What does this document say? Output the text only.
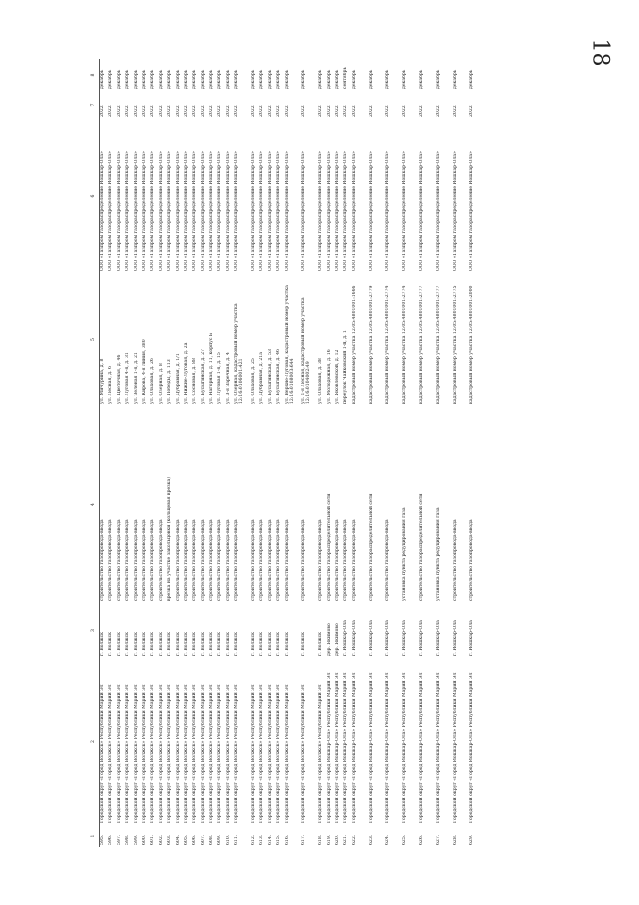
18
1	2	3	4	5	6	7	8
595.	Городской округ «Город Волжск» Республики Марий Эл	г. Волжск	строительство газопровода-ввода	ул. Мичурина, д. 8	ООО «Газпром газораспределение Йошкар-Ола»	2022	декабрь
596.	Городской округ «Город Волжск» Республики Марий Эл	г. Волжск	строительство газопровода-ввода	ул. Лесная, д. 6	ООО «Газпром газораспределение Йошкар-Ола»	2022	декабрь
597.	Городской округ «Город Волжск» Республики Марий Эл	г. Волжск	строительство газопровода-ввода	ул. Цветочная, д. 46	ООО «Газпром газораспределение Йошкар-Ола»	2022	декабрь
598.	Городской округ «Город Волжск» Республики Марий Эл	г. Волжск	строительство газопровода-ввода	ул. Луговая 4-я, д. 31	ООО «Газпром газораспределение Йошкар-Ола»	2022	декабрь
599.	Городской округ «Город Волжск» Республики Марий Эл	г. Волжск	строительство газопровода-ввода	ул. Зеленая 1-я, д. 21	ООО «Газпром газораспределение Йошкар-Ола»	2022	декабрь
600.	Городской округ «Город Волжск» Республики Марий Эл	г. Волжск	строительство газопровода-ввода	ул. Кирова, 4-я линия, 380	ООО «Газпром газораспределение Йошкар-Ола»	2022	декабрь
601.	Городской округ «Город Волжск» Республики Марий Эл	г. Волжск	строительство газопровода-ввода	ул. Ольховая, д. 26	ООО «Газпром газораспределение Йошкар-Ола»	2022	декабрь
602.	Городской округ «Город Волжск» Республики Марий Эл	г. Волжск	строительство газопровода-ввода	ул. Озерная, д. 8	ООО «Газпром газораспределение Йошкар-Ола»	2022	декабрь
603.	Городской округ «Город Волжск» Республики Марий Эл	г. Волжск	врезка на участке закольцовки (кольцевая врезка)	ул. Победы, д. 113	ООО «Газпром газораспределение Йошкар-Ола»	2022	декабрь
604.	Городской округ «Город Волжск» Республики Марий Эл	г. Волжск	строительство газопровода-ввода	ул. Дубравная, д. 1/1	ООО «Газпром газораспределение Йошкар-Ола»	2022	декабрь
605.	Городской округ «Город Волжск» Республики Марий Эл	г. Волжск	строительство газопровода-ввода	ул. Нижне-Луговая, д. 2а	ООО «Газпром газораспределение Йошкар-Ола»	2022	декабрь
606.	Городской округ «Город Волжск» Республики Марий Эл	г. Волжск	строительство газопровода-ввода	ул. Сосновая, д. 88	ООО «Газпром газораспределение Йошкар-Ола»	2022	декабрь
607.	Городской округ «Город Волжск» Республики Марий Эл	г. Волжск	строительство газопровода-ввода	ул. Бусыгинская, д. 27	ООО «Газпром газораспределение Йошкар-Ола»	2022	декабрь
608.	Городской округ «Город Волжск» Республики Марий Эл	г. Волжск	строительство газопровода-ввода	ул. Нагорная, д. 11, корпус Б	ООО «Газпром газораспределение Йошкар-Ола»	2022	декабрь
609.	Городской округ «Город Волжск» Республики Марий Эл	г. Волжск	строительство газопровода-ввода	ул. Луговая 1-я, д. 15	ООО «Газпром газораспределение Йошкар-Ола»	2022	декабрь
610.	Городской округ «Город Волжск» Республики Марий Эл	г. Волжск	строительство газопровода-ввода	ул. 3-я Заречная, д. 4	ООО «Газпром газораспределение Йошкар-Ола»	2022	декабрь
611.	Городской округ «Город Волжск» Республики Марий Эл	г. Волжск	строительство газопровода-ввода	ул. Озерная, кадастровый номер участка 12:16:0106001:421	ООО «Газпром газораспределение Йошкар-Ола»	2022	декабрь
612.	Городской округ «Город Волжск» Республики Марий Эл	г. Волжск	строительство газопровода-ввода	ул. Ольховая, д. 25	ООО «Газпром газораспределение Йошкар-Ола»	2022	декабрь
613.	Городской округ «Город Волжск» Республики Марий Эл	г. Волжск	строительство газопровода-ввода	ул. Дубравная, д. 21а	ООО «Газпром газораспределение Йошкар-Ола»	2022	декабрь
614.	Городской округ «Город Волжск» Республики Марий Эл	г. Волжск	строительство газопровода-ввода	ул. Бусыгинская, д. 53	ООО «Газпром газораспределение Йошкар-Ола»	2022	декабрь
615.	Городской округ «Город Волжск» Республики Марий Эл	г. Волжск	строительство газопровода-ввода	ул. Бусыгинская, д. 46	ООО «Газпром газораспределение Йошкар-Ола»	2022	декабрь
616.	Городской округ «Город Волжск» Республики Марий Эл	г. Волжск	строительство газопровода-ввода	ул. Верхне-Луговая, кадастровый номер участка 12:16:0108003:644	ООО «Газпром газораспределение Йошкар-Ола»	2022	декабрь
617.	Городской округ «Город Волжск» Республики Марий Эл	г. Волжск	строительство газопровода-ввода	ул. 1-я Лесная, кадастровый номер участка 12:16:0104002:49	ООО «Газпром газораспределение Йошкар-Ола»	2022	декабрь
618.	Городской округ «Город Волжск» Республики Марий Эл	г. Волжск	строительство газопровода-ввода	ул. Ольховая, д. 38	ООО «Газпром газораспределение Йошкар-Ола»	2022	декабрь
619.	Городской округ «Город Йошкар-Ола» Республики Марий Эл	дер. Якимово	строительство газораспределительной сети	ул. Молодежная, д. 16	ООО «Газпром газораспределение Йошкар-Ола»	2022	декабрь
620.	Городской округ «Город Йошкар-Ола» Республики Марий Эл	дер. Якимово	строительство газопровода-ввода	ул. Яковлевской, д. 12	ООО «Газпром газораспределение Йошкар-Ола»	2022	декабрь
621.	Городской округ «Город Йошкар-Ола» Республики Марий Эл	г. Йошкар-Ола	строительство газопровода-ввода	переулок Чайковский 1-й, д. 1	ООО «Газпром газораспределение Йошкар-Ола»	2022	сентябрь
622.	Городской округ «Город Йошкар-Ола» Республики Марий Эл	г. Йошкар-Ола	строительство газопровода-ввода	кадастровый номер участка 12:05:4801001:1666	ООО «Газпром газораспределение Йошкар-Ола»	2022	декабрь
623.	Городской округ «Город Йошкар-Ола» Республики Марий Эл	г. Йошкар-Ола	строительство газораспределительной сети	кадастровый номер участка 12:05:4801001:2779	ООО «Газпром газораспределение Йошкар-Ола»	2022	декабрь
624.	Городской округ «Город Йошкар-Ола» Республики Марий Эл	г. Йошкар-Ола	строительство газопровода-ввода	кадастровый номер участка 12:05:4801001:2774	ООО «Газпром газораспределение Йошкар-Ола»	2022	декабрь
625.	Городской округ «Город Йошкар-Ола» Республики Марий Эл	г. Йошкар-Ола	установка пункта редуцирования газа	кадастровый номер участка 12:05:4801001:2774	ООО «Газпром газораспределение Йошкар-Ола»	2022	декабрь
626.	Городской округ «Город Йошкар-Ола» Республики Марий Эл	г. Йошкар-Ола	строительство газораспределительной сети	кадастровый номер участка 12:05:4801001:2777	ООО «Газпром газораспределение Йошкар-Ола»	2022	декабрь
627.	Городской округ «Город Йошкар-Ола» Республики Марий Эл	г. Йошкар-Ола	установка пункта редуцирования газа	кадастровый номер участка 12:05:4801001:2777	ООО «Газпром газораспределение Йошкар-Ола»	2022	декабрь
628.	Городской округ «Город Йошкар-Ола» Республики Марий Эл	г. Йошкар-Ола	строительство газопровода-ввода	кадастровый номер участка 12:05:4801001:2775	ООО «Газпром газораспределение Йошкар-Ола»	2022	декабрь
629.	Городской округ «Город Йошкар-Ола» Республики Марий Эл	г. Йошкар-Ола	строительство газопровода-ввода	кадастровый номер участка 12:05:4801001:2000	ООО «Газпром газораспределение Йошкар-Ола»	2022	декабрь
